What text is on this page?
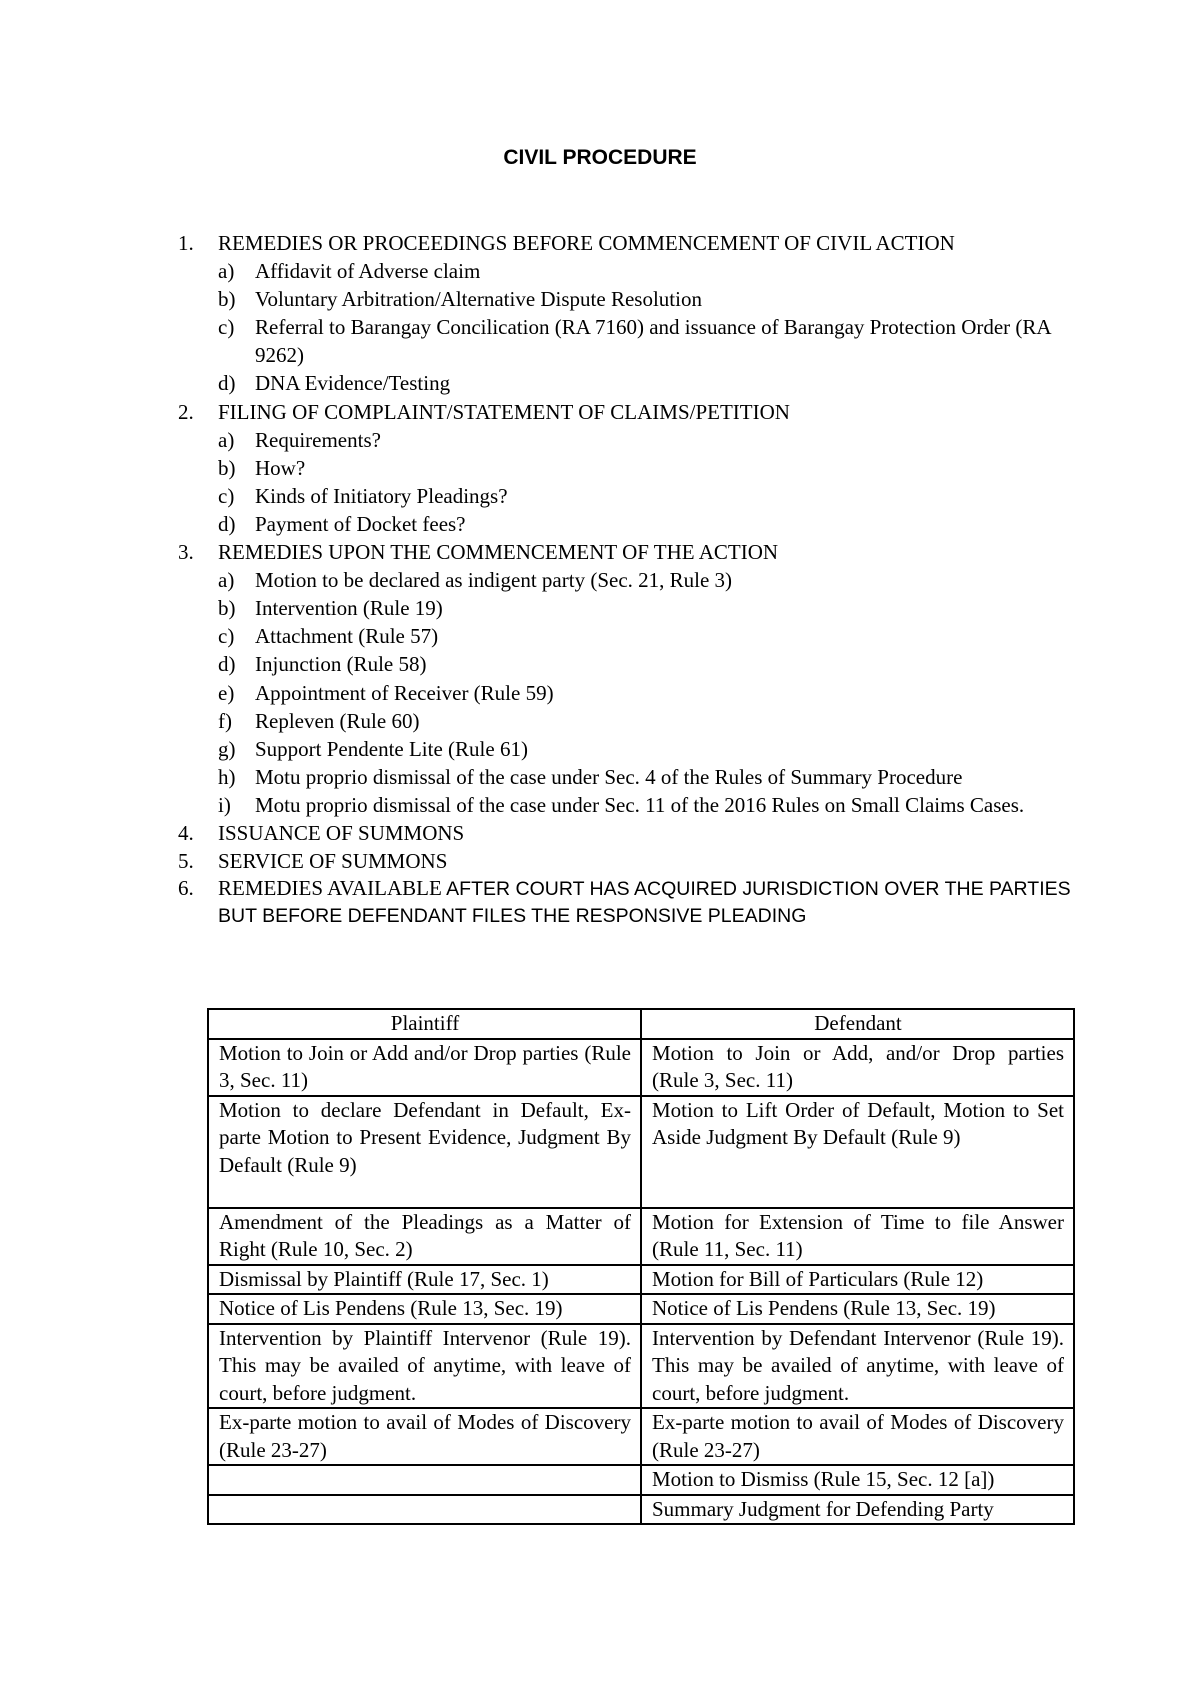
CIVIL PROCEDURE
1. REMEDIES OR PROCEEDINGS BEFORE COMMENCEMENT OF CIVIL ACTION
a) Affidavit of Adverse claim
b) Voluntary Arbitration/Alternative Dispute Resolution
c) Referral to Barangay Concilication (RA 7160) and issuance of Barangay Protection Order (RA 9262)
d) DNA Evidence/Testing
2. FILING OF COMPLAINT/STATEMENT OF CLAIMS/PETITION
a) Requirements?
b) How?
c) Kinds of Initiatory Pleadings?
d) Payment of Docket fees?
3. REMEDIES UPON THE COMMENCEMENT OF THE ACTION
a) Motion to be declared as indigent party (Sec. 21, Rule 3)
b) Intervention (Rule 19)
c) Attachment (Rule 57)
d) Injunction (Rule 58)
e) Appointment of Receiver (Rule 59)
f) Repleven (Rule 60)
g) Support Pendente Lite (Rule 61)
h) Motu proprio dismissal of the case under Sec. 4 of the Rules of Summary Procedure
i) Motu proprio dismissal of the case under Sec. 11 of the 2016 Rules on Small Claims Cases.
4. ISSUANCE OF SUMMONS
5. SERVICE OF SUMMONS
6. REMEDIES AVAILABLE AFTER COURT HAS ACQUIRED JURISDICTION OVER THE PARTIES BUT BEFORE DEFENDANT FILES THE RESPONSIVE PLEADING
Plaintiff	Defendant
Motion to Join or Add and/or Drop parties (Rule 3, Sec. 11)	Motion to Join or Add, and/or Drop parties (Rule 3, Sec. 11)
Motion to declare Defendant in Default, Ex-parte Motion to Present Evidence, Judgment By Default (Rule 9)	Motion to Lift Order of Default, Motion to Set Aside Judgment By Default (Rule 9)
Amendment of the Pleadings as a Matter of Right (Rule 10, Sec. 2)	Motion for Extension of Time to file Answer (Rule 11, Sec. 11)
Dismissal by Plaintiff (Rule 17, Sec. 1)	Motion for Bill of Particulars (Rule 12)
Notice of Lis Pendens (Rule 13, Sec. 19)	Notice of Lis Pendens (Rule 13, Sec. 19)
Intervention by Plaintiff Intervenor (Rule 19). This may be availed of anytime, with leave of court, before judgment.	Intervention by Defendant Intervenor (Rule 19). This may be availed of anytime, with leave of court, before judgment.
Ex-parte motion to avail of Modes of Discovery (Rule 23-27)	Ex-parte motion to avail of Modes of Discovery (Rule 23-27)
	Motion to Dismiss (Rule 15, Sec. 12 [a])
	Summary Judgment for Defending Party
